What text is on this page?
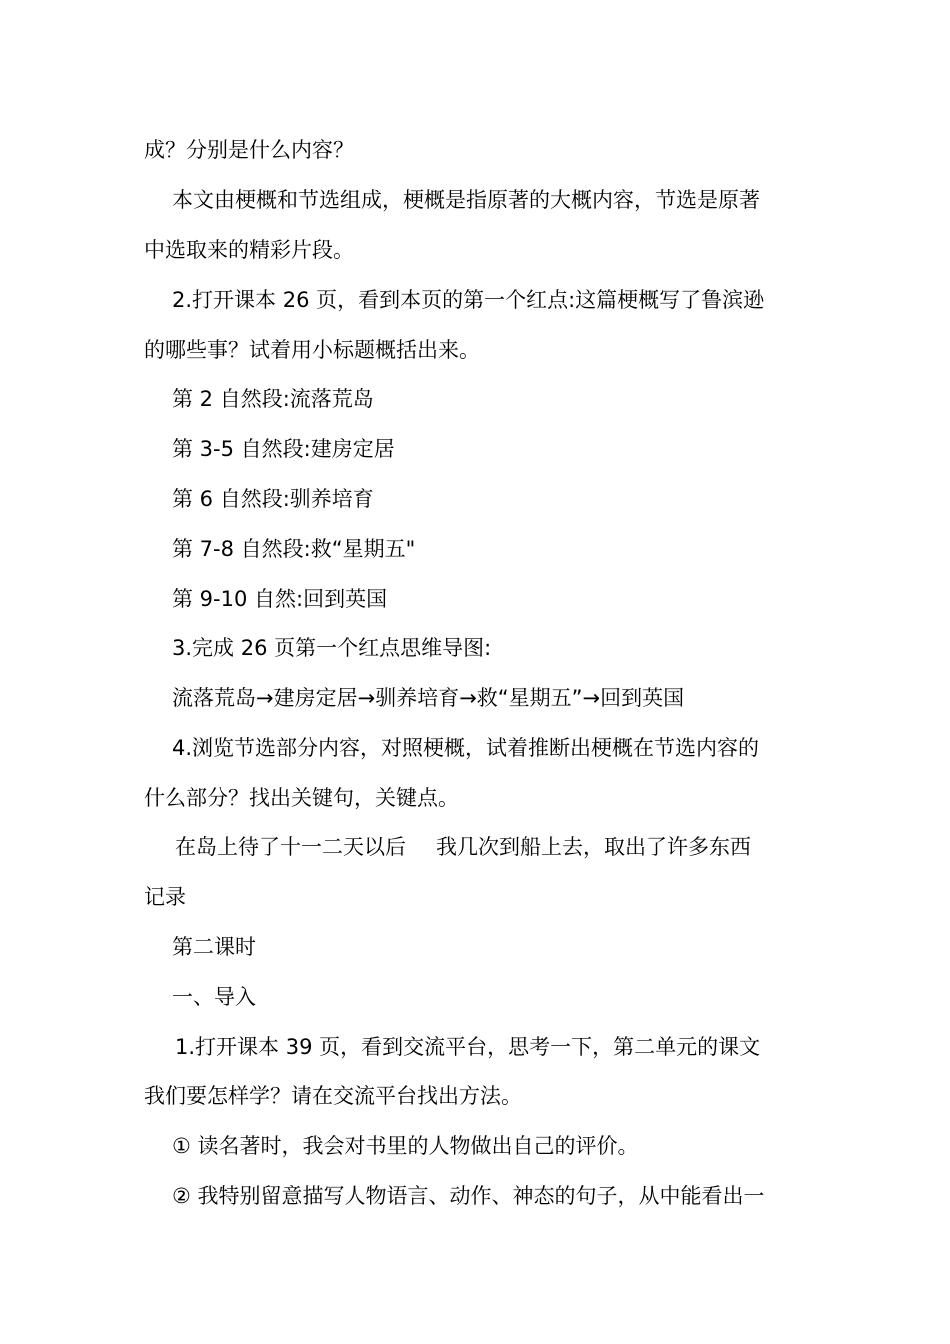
成？分别是什么内容？
本文由梗概和节选组成，梗概是指原著的大概内容，节选是原著
中选取来的精彩片段。
2.打开课本 26 页，看到本页的第一个红点:这篇梗概写了鲁滨逊
的哪些事？试着用小标题概括出来。
第 2 自然段:流落荒岛
第 3-5 自然段:建房定居
第 6 自然段:驯养培育
第 7-8 自然段:救“星期五"
第 9-10 自然:回到英国
3.完成 26 页第一个红点思维导图:
流落荒岛→建房定居→驯养培育→救“星期五”→回到英国
4.浏览节选部分内容，对照梗概，试着推断出梗概在节选内容的
什么部分？找出关键句，关键点。
在岛上待了十一二天以后 我几次到船上去，取出了许多东西
记录
第二课时
一、导入
1.打开课本 39 页，看到交流平台，思考一下，第二单元的课文
我们要怎样学？请在交流平台找出方法。
① 读名著时，我会对书里的人物做出自己的评价。
② 我特别留意描写人物语言、动作、神态的句子，从中能看出一
